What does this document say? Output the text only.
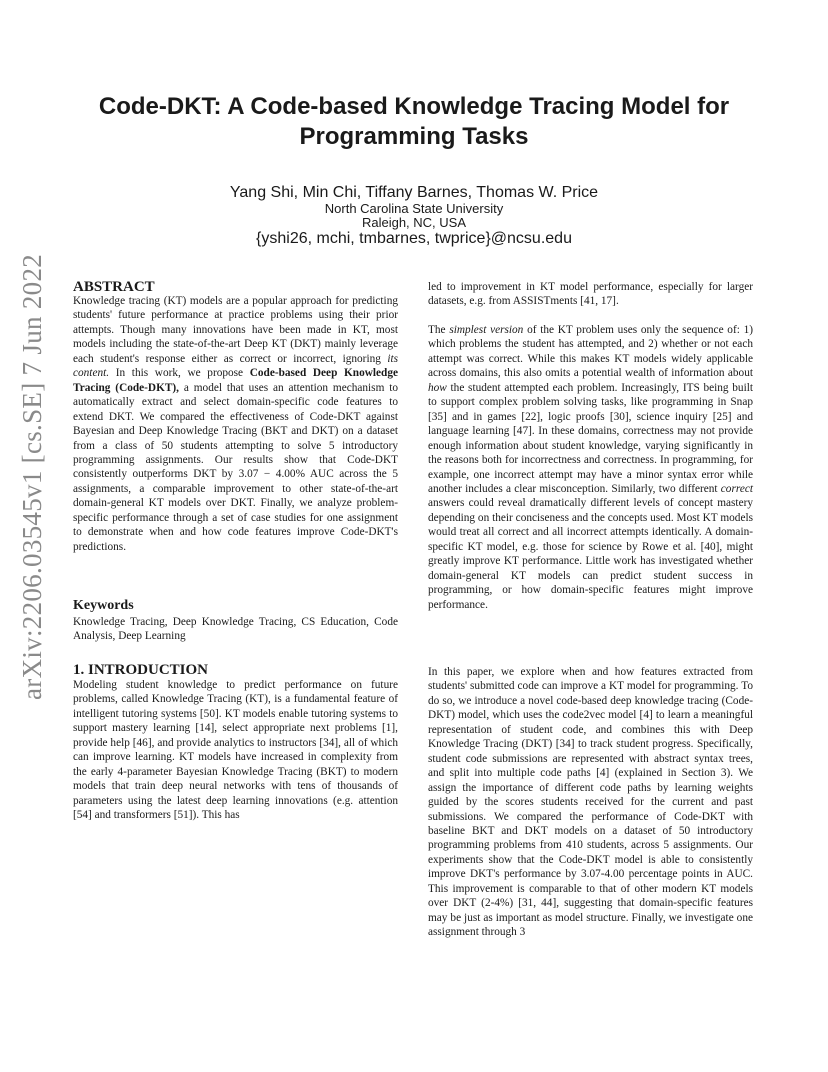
arXiv:2206.03545v1 [cs.SE] 7 Jun 2022
Code-DKT: A Code-based Knowledge Tracing Model for
Programming Tasks
Yang Shi, Min Chi, Tiffany Barnes, Thomas W. Price
North Carolina State University
Raleigh, NC, USA
{yshi26, mchi, tmbarnes, twprice}@ncsu.edu
ABSTRACT

Knowledge tracing (KT) models are a popular approach for predicting students' future performance at practice problems using their prior attempts. Though many innovations have been made in KT, most models including the state-of-the-art Deep KT (DKT) mainly leverage each student's response either as correct or incorrect, ignoring its content. In this work, we propose Code-based Deep Knowledge Tracing (Code-DKT), a model that uses an attention mechanism to automatically extract and select domain-specific code features to extend DKT. We compared the effectiveness of Code-DKT against Bayesian and Deep Knowledge Tracing (BKT and DKT) on a dataset from a class of 50 students attempting to solve 5 introductory programming assignments. Our results show that Code-DKT consistently outperforms DKT by 3.07 − 4.00% AUC across the 5 assignments, a comparable improvement to other state-of-the-art domain-general KT models over DKT. Finally, we analyze problem-specific performance through a set of case studies for one assignment to demonstrate when and how code features improve Code-DKT's predictions.

Keywords
Knowledge Tracing, Deep Knowledge Tracing, CS Education, Code Analysis, Deep Learning
1. INTRODUCTION
Modeling student knowledge to predict performance on future problems, called Knowledge Tracing (KT), is a fundamental feature of intelligent tutoring systems [50]. KT models enable tutoring systems to support mastery learning [14], select appropriate next problems [1], provide help [46], and provide analytics to instructors [34], all of which can improve learning. KT models have increased in complexity from the early 4-parameter Bayesian Knowledge Tracing (BKT) to modern models that train deep neural networks with tens of thousands of parameters using the latest deep learning innovations (e.g. attention [54] and transformers [51]). This has
led to improvement in KT model performance, especially for larger datasets, e.g. from ASSISTments [41, 17].

The simplest version of the KT problem uses only the sequence of: 1) which problems the student has attempted, and 2) whether or not each attempt was correct. While this makes KT models widely applicable across domains, this also omits a potential wealth of information about how the student attempted each problem. Increasingly, ITS being built to support complex problem solving tasks, like programming in Snap [35] and in games [22], logic proofs [30], science inquiry [25] and language learning [47]. In these domains, correctness may not provide enough information about student knowledge, varying significantly in the reasons both for incorrectness and correctness. In programming, for example, one incorrect attempt may have a minor syntax error while another includes a clear misconception. Similarly, two different correct answers could reveal dramatically different levels of concept mastery depending on their conciseness and the concepts used. Most KT models would treat all correct and all incorrect attempts identically. A domain-specific KT model, e.g. those for science by Rowe et al. [40], might greatly improve KT performance. Little work has investigated whether domain-general KT models can predict student success in programming, or how domain-specific features might improve performance.

In this paper, we explore when and how features extracted from students' submitted code can improve a KT model for programming. To do so, we introduce a novel code-based deep knowledge tracing (Code-DKT) model, which uses the code2vec model [4] to learn a meaningful representation of student code, and combines this with Deep Knowledge Tracing (DKT) [34] to track student progress. Specifically, student code submissions are represented with abstract syntax trees, and split into multiple code paths [4] (explained in Section 3). We assign the importance of different code paths by learning weights guided by the scores students received for the current and past submissions. We compared the performance of Code-DKT with baseline BKT and DKT models on a dataset of 50 introductory programming problems from 410 students, across 5 assignments. Our experiments show that the Code-DKT model is able to consistently improve DKT's performance by 3.07-4.00 percentage points in AUC. This improvement is comparable to that of other modern KT models over DKT (2-4%) [31, 44], suggesting that domain-specific features may be just as important as model structure. Finally, we investigate one assignment through 3
